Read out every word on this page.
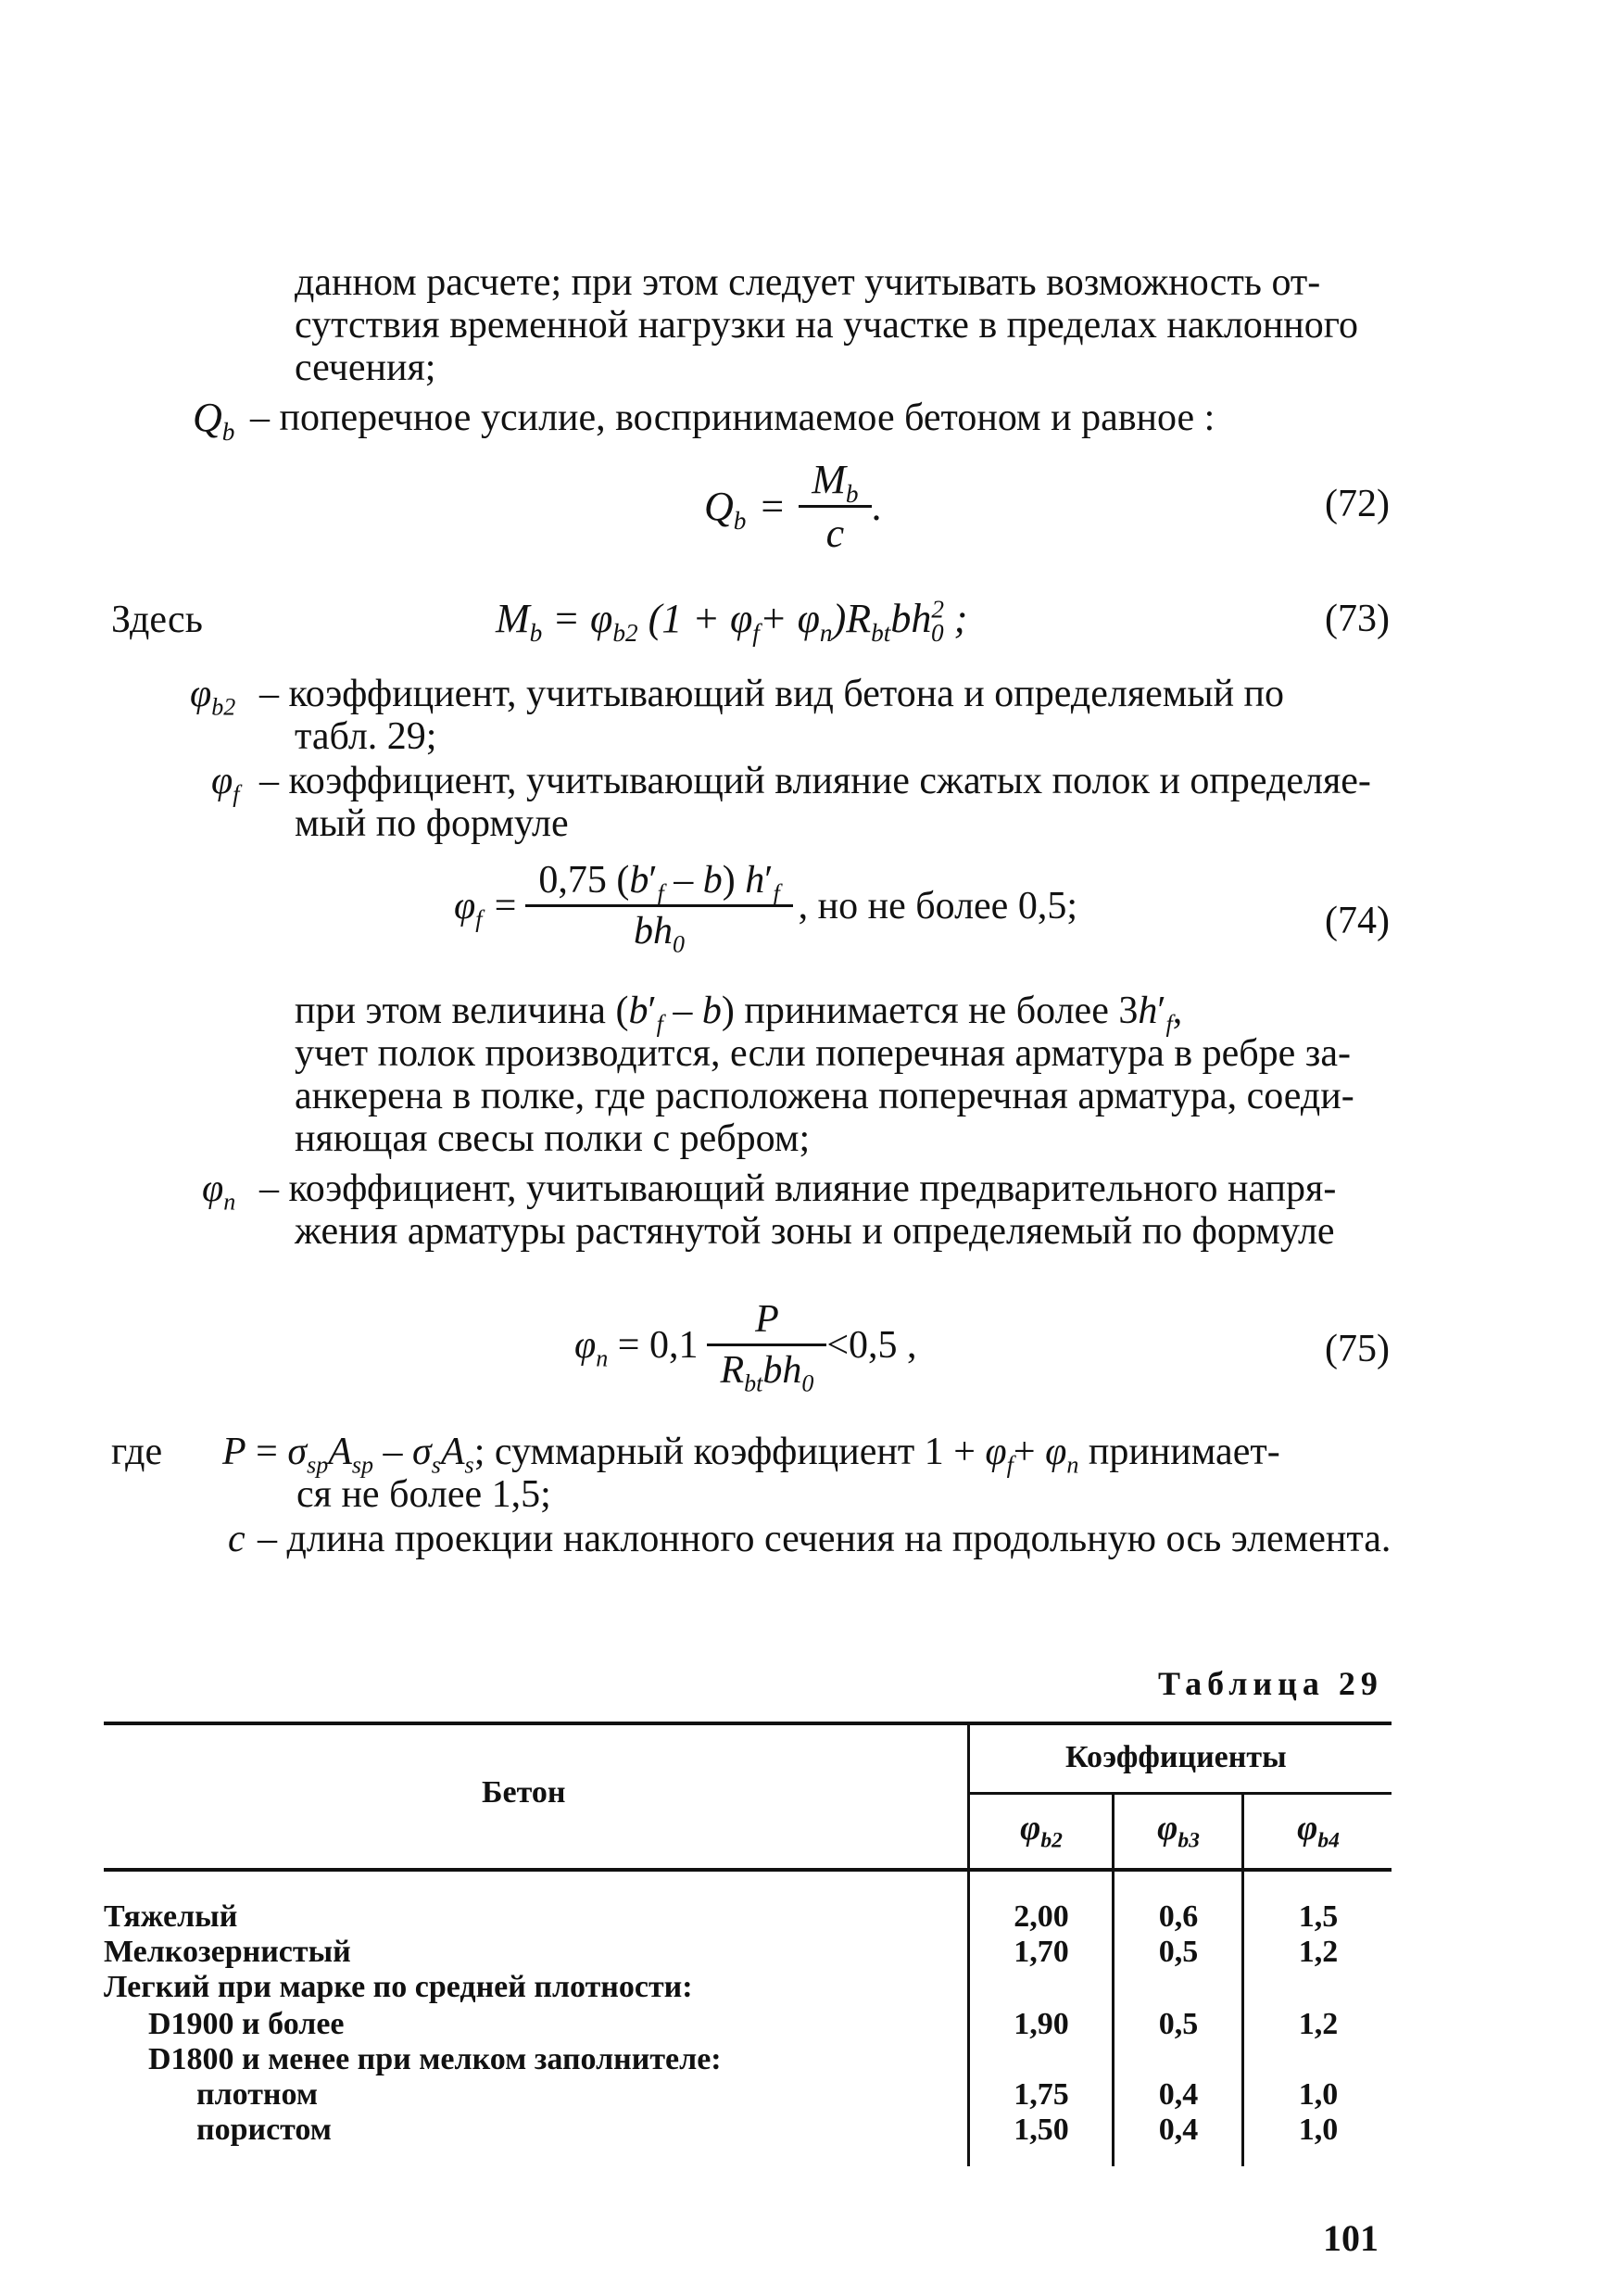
данном расчете; при этом следует учитывать возможность от-
сутствия временной нагрузки на участке в пределах наклонного
сечения;
$Q_b$ – поперечное усилие, воспринимаемое бетоном и равное :
$Q_b = \frac{M_b}{c}$ .	(72)
Здесь	$M_b = \varphi_{b2}$ $(1 + \varphi_f+ \varphi_n)R_{bt}bh^2_0$ ;	(73)
$\varphi_{b2}$ – коэффициент, учитывающий вид бетона и определяемый по
табл. 29;
$\varphi_f$ – коэффициент, учитывающий влияние сжатых полок и определяе-
мый по формуле
$\varphi_f = \frac{0,75 (b'_f - b) h'_f}{bh_0}$ , но не более 0,5;	(74)
при этом величина $(b'_f - b)$ принимается не более $3h'_f$,
учет полок производится, если поперечная арматура в ребре за-
анкерена в полке, где расположена поперечная арматура, соеди-
няющая свесы полки с ребром;
$\varphi_n$ – коэффициент, учитывающий влияние предварительного напря-
жения арматуры растянутой зоны и определяемый по формуле
$\varphi_n = 0,1 \frac{P}{R_{bt}bh_0} <0,5$ ,	(75)
где $P = \sigma_{sp}A_{sp} - \sigma_sA_s$; суммарный коэффициент $1 + \varphi_f+ \varphi_n$ принимает-
ся не более 1,5;
c – длина проекции наклонного сечения на продольную ось элемента.
Таблица 29
Бетон
Коэффициенты
$\varphi_{b2}$	$\varphi_{b3}$	$\varphi_{b4}$
Тяжелый	2,00	0,6	1,5
Мелкозернистый	1,70	0,5	1,2
Легкий при марке по средней плотности:
D1900 и более	1,90	0,5	1,2
D1800 и менее при мелком заполнителе:
плотном	1,75	0,4	1,0
пористом	1,50	0,4	1,0
101
